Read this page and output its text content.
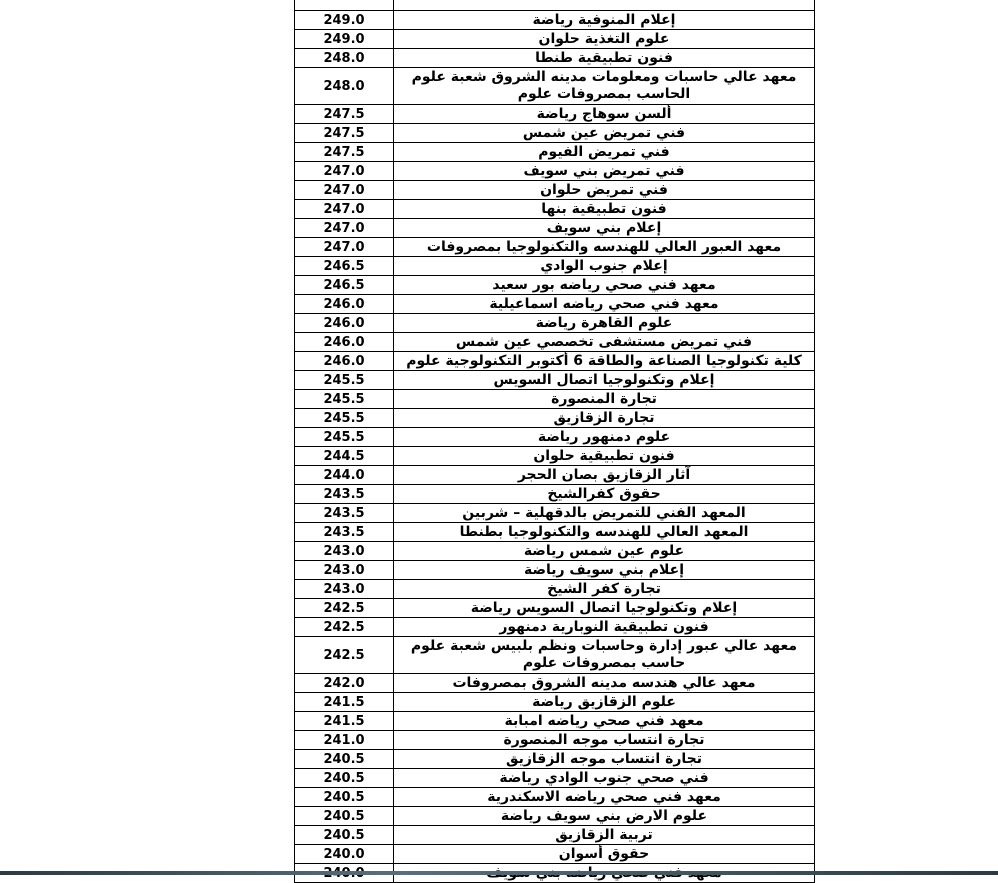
إعلام المنوفية رياضة	249.0
علوم التغذية حلوان	249.0
فنون تطبيقية طنطا	248.0
معهد عالي حاسبات ومعلومات مدينه الشروق شعبة علوم الحاسب بمصروفات علوم	248.0
ألسن سوهاج رياضة	247.5
فني تمريض عين شمس	247.5
فني تمريض الفيوم	247.5
فني تمريض بني سويف	247.0
فني تمريض حلوان	247.0
فنون تطبيقية بنها	247.0
إعلام بني سويف	247.0
معهد العبور العالي للهندسه والتكنولوجيا بمصروفات	247.0
إعلام جنوب الوادي	246.5
معهد فني صحي رياضه بور سعيد	246.5
معهد فني صحي رياضه اسماعيلية	246.0
علوم القاهرة رياضة	246.0
فني تمريض مستشفى تخصصي عين شمس	246.0
كلية تكنولوجيا الصناعة والطاقة 6 أكتوبر التكنولوجية علوم	246.0
إعلام وتكنولوجيا اتصال السويس	245.5
تجارة المنصورة	245.5
تجارة الزقازيق	245.5
علوم دمنهور رياضة	245.5
فنون تطبيقية حلوان	244.5
آثار الزقازيق بصان الحجر	244.0
حقوق كفرالشيخ	243.5
المعهد الفني للتمريض بالدقهلية – شربين	243.5
المعهد العالي للهندسه والتكنولوجيا بطنطا	243.5
علوم عين شمس رياضة	243.0
إعلام بني سويف رياضة	243.0
تجارة كفر الشيخ	243.0
إعلام وتكنولوجيا اتصال السويس رياضة	242.5
فنون تطبيقية النوبارية دمنهور	242.5
معهد عالي عبور إدارة وحاسبات ونظم بلبيس شعبة علوم حاسب بمصروفات علوم	242.5
معهد عالي هندسه مدينه الشروق بمصروفات	242.0
علوم الزقازيق رياضة	241.5
معهد فني صحي رياضه امبابة	241.5
تجارة انتساب موجه المنصورة	241.0
تجارة انتساب موجه الزقازيق	240.5
فني صحي جنوب الوادي رياضة	240.5
معهد فني صحي رياضه الاسكندرية	240.5
علوم الارض بني سويف رياضة	240.5
تربية الزقازيق	240.5
حقوق أسوان	240.0
